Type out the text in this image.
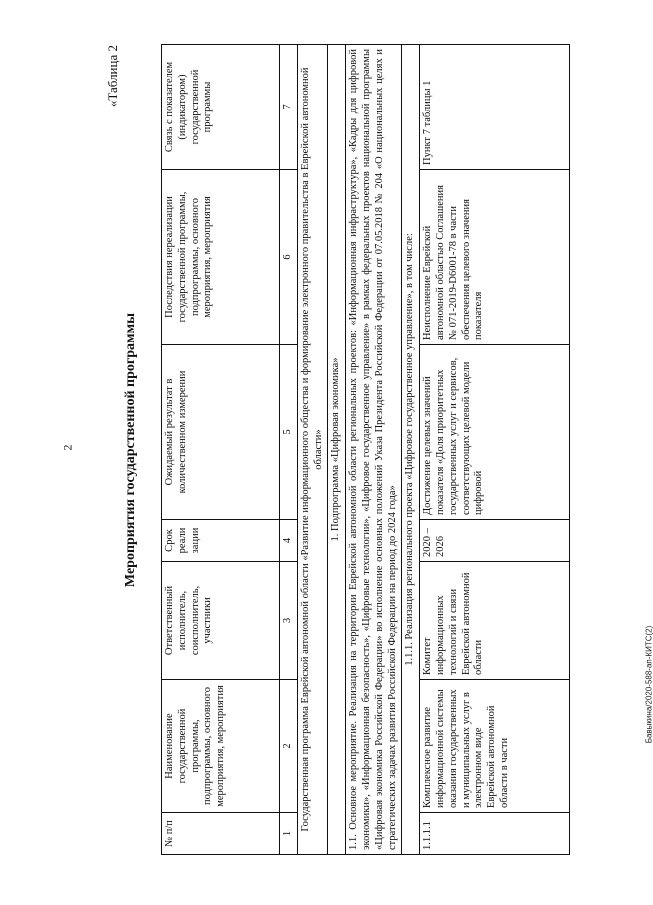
2
Бавыкина/2020-588-ап-КИТС(2)
«Таблица 2
Мероприятия государственной программы
№ п/п	Наименование государственной программы, подпрограммы, основного мероприятия, мероприятия	Ответственный исполнитель, соисполнитель, участники	Срок реали зации	Ожидаемый результат в количественном измерении	Последствия нереализации государственной программы, подпрограммы, основного мероприятия, мероприятия	Связь с показателем (индикатором) государственной программы
1	2	3	4	5	6	7
Государственная программа Еврейской автономной области «Развитие информационного общества и формирование электронного правительства в Еврейской автономной области»						
1. Подпрограмма «Цифровая экономика»						
1.1. Основное мероприятие. Реализация на территории Еврейской автономной области региональных проектов: «Информационная инфраструктура», «Кадры для цифровой экономики», «Информационная безопасность», «Цифровые технологии», «Цифровое государственное управление» в рамках федеральных проектов национальной программы «Цифровая экономика Российской Федерации» во исполнение основных положений Указа Президента Российской Федерации от 07.05.2018 № 204 «О национальных целях и стратегических задачах развития Российской Федерации на период до 2024 года»						
1.1.1. Реализация регионального проекта «Цифровое государственное управление», в том числе:						
1.1.1.1	Комплексное развитие информационной системы оказания государственных и муниципальных услуг в электронном виде Еврейской автономной области в части	Комитет информационных технологий и связи Еврейской автономной области	2020 – 2026	Достижение целевых значений показателя «Доля приоритетных государственных услуг и сервисов, соответствующих целевой модели цифровой	Неисполнение Еврейской автономной областью Соглашения № 071-2019-D6001-78 в части обеспечения целевого значения показателя	Пункт 7 таблицы 1
